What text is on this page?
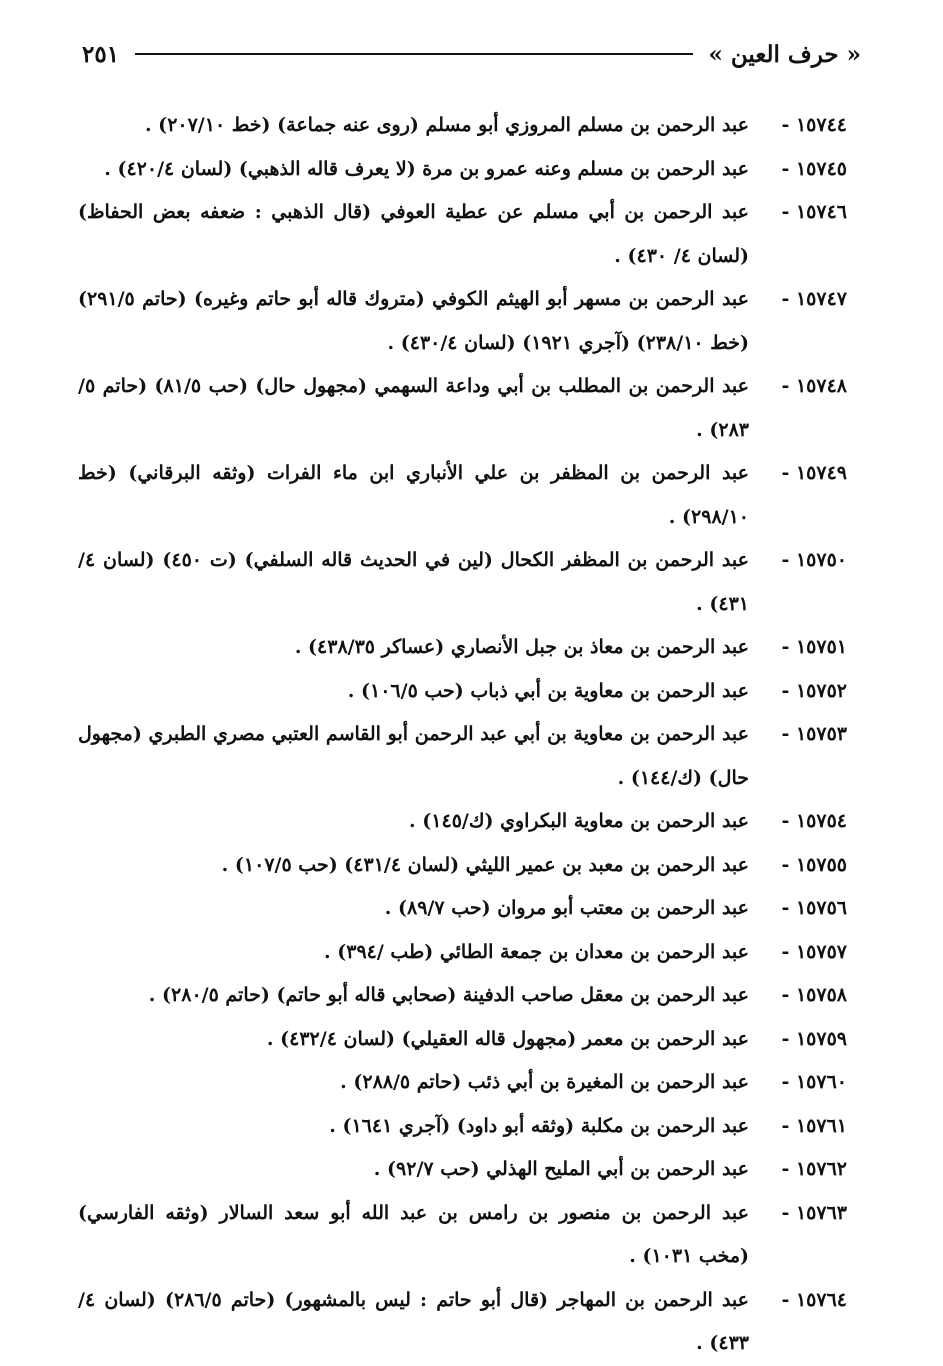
« حرف العين »
٢٥١
١٥٧٤٤ -
عبد الرحمن بن مسلم المروزي أبو مسلم (روى عنه جماعة) (خط ٢٠٧/١٠) .
١٥٧٤٥ -
عبد الرحمن بن مسلم وعنه عمرو بن مرة (لا يعرف قاله الذهبي) (لسان ٤٢٠/٤) .
١٥٧٤٦ -
عبد الرحمن بن أبي مسلم عن عطية العوفي (قال الذهبي : ضعفه بعض الحفاظ) (لسان ٤/ ٤٣٠) .
١٥٧٤٧ -
عبد الرحمن بن مسهر أبو الهيثم الكوفي (متروك قاله أبو حاتم وغيره) (حاتم ٢٩١/٥) (خط ٢٣٨/١٠) (آجري ١٩٢١) (لسان ٤٣٠/٤) .
١٥٧٤٨ -
عبد الرحمن بن المطلب بن أبي وداعة السهمي (مجهول حال) (حب ٨١/٥) (حاتم ٥/ ٢٨٣) .
١٥٧٤٩ -
عبد الرحمن بن المظفر بن علي الأنباري ابن ماء الفرات (وثقه البرقاني) (خط ٢٩٨/١٠) .
١٥٧٥٠ -
عبد الرحمن بن المظفر الكحال (لين في الحديث قاله السلفي) (ت ٤٥٠) (لسان ٤/ ٤٣١) .
١٥٧٥١ -
عبد الرحمن بن معاذ بن جبل الأنصاري (عساكر ٤٣٨/٣٥) .
١٥٧٥٢ -
عبد الرحمن بن معاوية بن أبي ذباب (حب ١٠٦/٥) .
١٥٧٥٣ -
عبد الرحمن بن معاوية بن أبي عبد الرحمن أبو القاسم العتبي مصري الطبري (مجهول حال) (ك/١٤٤) .
١٥٧٥٤ -
عبد الرحمن بن معاوية البكراوي (ك/١٤٥) .
١٥٧٥٥ -
عبد الرحمن بن معبد بن عمير الليثي (لسان ٤٣١/٤) (حب ١٠٧/٥) .
١٥٧٥٦ -
عبد الرحمن بن معتب أبو مروان (حب ٨٩/٧) .
١٥٧٥٧ -
عبد الرحمن بن معدان بن جمعة الطائي (طب /٣٩٤) .
١٥٧٥٨ -
عبد الرحمن بن معقل صاحب الدفينة (صحابي قاله أبو حاتم) (حاتم ٢٨٠/٥) .
١٥٧٥٩ -
عبد الرحمن بن معمر (مجهول قاله العقيلي) (لسان ٤٣٢/٤) .
١٥٧٦٠ -
عبد الرحمن بن المغيرة بن أبي ذئب (حاتم ٢٨٨/٥) .
١٥٧٦١ -
عبد الرحمن بن مكلبة (وثقه أبو داود) (آجري ١٦٤١) .
١٥٧٦٢ -
عبد الرحمن بن أبي المليح الهذلي (حب ٩٢/٧) .
١٥٧٦٣ -
عبد الرحمن بن منصور بن رامس بن عبد الله أبو سعد السالار (وثقه الفارسي) (مخب ١٠٣١) .
١٥٧٦٤ -
عبد الرحمن بن المهاجر (قال أبو حاتم : ليس بالمشهور) (حاتم ٢٨٦/٥) (لسان ٤/ ٤٣٣) .
